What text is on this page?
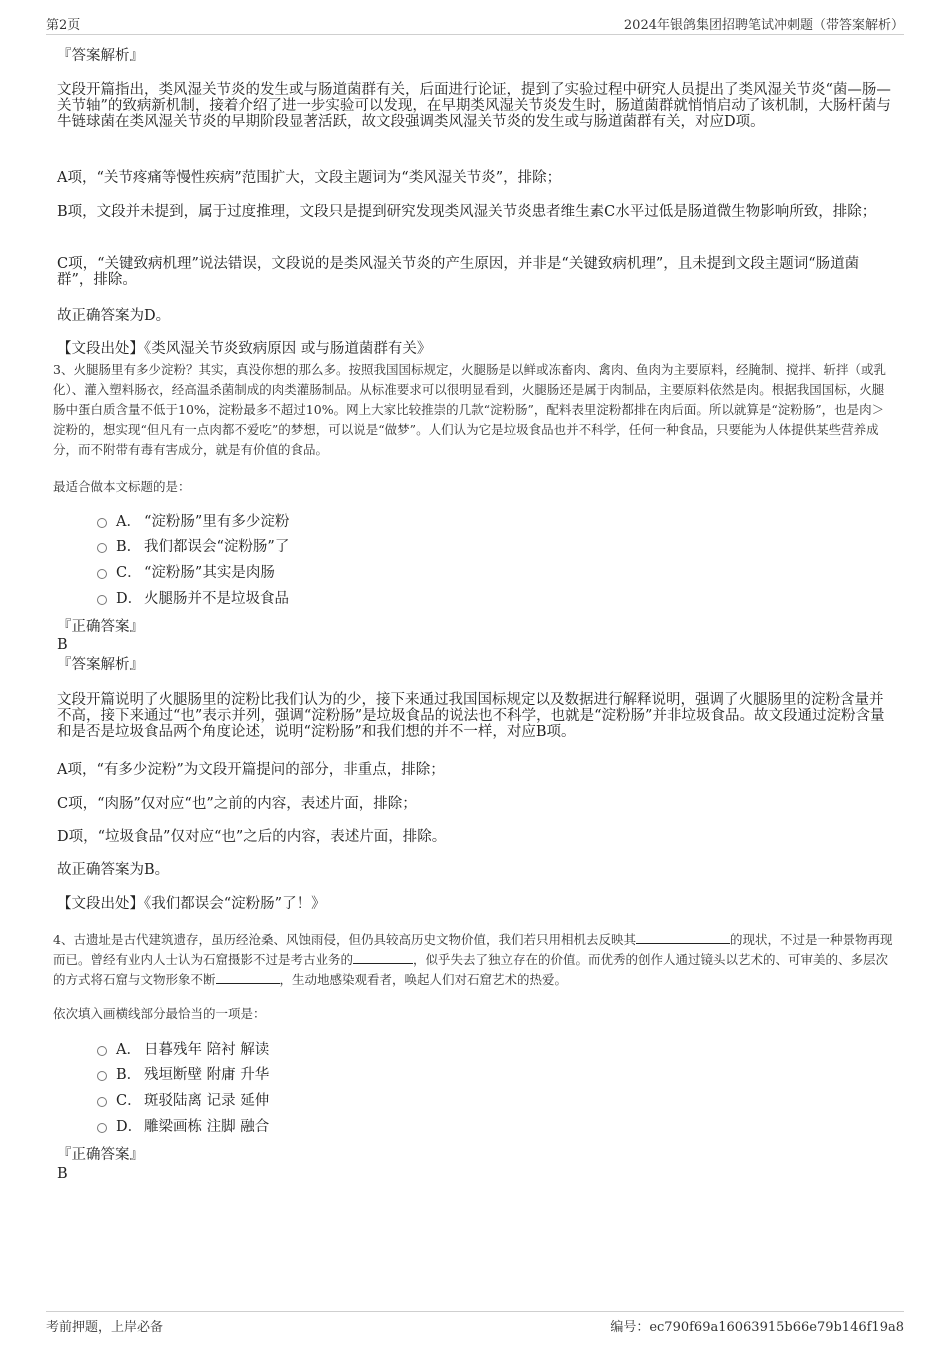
第2页	2024年银鸽集团招聘笔试冲刺题（带答案解析）
『答案解析』
文段开篇指出，类风湿关节炎的发生或与肠道菌群有关，后面进行论证，提到了实验过程中研究人员提出了类风湿关节炎“菌—肠—关节轴”的致病新机制，接着介绍了进一步实验可以发现，在早期类风湿关节炎发生时，肠道菌群就悄悄启动了该机制，大肠杆菌与牛链球菌在类风湿关节炎的早期阶段显著活跃，故文段强调类风湿关节炎的发生或与肠道菌群有关，对应D项。
A项，“关节疼痛等慢性疾病”范围扩大，文段主题词为“类风湿关节炎”，排除；
B项，文段并未提到，属于过度推理，文段只是提到研究发现类风湿关节炎患者维生素C水平过低是肠道微生物影响所致，排除；
C项，“关键致病机理”说法错误，文段说的是类风湿关节炎的产生原因，并非是“关键致病机理”，且未提到文段主题词“肠道菌群”，排除。
故正确答案为D。
【文段出处】《类风湿关节炎致病原因 或与肠道菌群有关》
3、火腿肠里有多少淀粉？其实，真没你想的那么多。按照我国国标规定，火腿肠是以鲜或冻畜肉、禽肉、鱼肉为主要原料，经腌制、搅拌、斩拌（或乳化）、灌入塑料肠衣，经高温杀菌制成的肉类灌肠制品。从标准要求可以很明显看到，火腿肠还是属于肉制品，主要原料依然是肉。根据我国国标，火腿肠中蛋白质含量不低于10%，淀粉最多不超过10%。网上大家比较推崇的几款“淀粉肠”，配料表里淀粉都排在肉后面。所以就算是“淀粉肠”，也是肉＞淀粉的，想实现“但凡有一点肉都不爱吃”的梦想，可以说是“做梦”。人们认为它是垃圾食品也并不科学，任何一种食品，只要能为人体提供某些营养成分，而不附带有毒有害成分，就是有价值的食品。
最适合做本文标题的是：
A． “淀粉肠”里有多少淀粉
B． 我们都误会“淀粉肠”了
C． “淀粉肠”其实是肉肠
D． 火腿肠并不是垃圾食品
『正确答案』
B
『答案解析』
文段开篇说明了火腿肠里的淀粉比我们认为的少，接下来通过我国国标规定以及数据进行解释说明，强调了火腿肠里的淀粉含量并不高，接下来通过“也”表示并列，强调“淀粉肠”是垃圾食品的说法也不科学，也就是“淀粉肠”并非垃圾食品。故文段通过淀粉含量和是否是垃圾食品两个角度论述，说明“淀粉肠”和我们想的并不一样，对应B项。
A项，“有多少淀粉”为文段开篇提问的部分，非重点，排除；
C项，“肉肠”仅对应“也”之前的内容，表述片面，排除；
D项，“垃圾食品”仅对应“也”之后的内容，表述片面，排除。
故正确答案为B。
【文段出处】《我们都误会“淀粉肠”了！》
4、古遗址是古代建筑遗存，虽历经沧桑、风蚀雨侵，但仍具较高历史文物价值，我们若只用相机去反映其	的现状，不过是一种景物再现而已。曾经有业内人士认为石窟摄影不过是考古业务的	，似乎失去了独立存在的价值。而优秀的创作人通过镜头以艺术的、可审美的、多层次的方式将石窟与文物形象不断	，生动地感染观看者，唤起人们对石窟艺术的热爱。
依次填入画横线部分最恰当的一项是：
A． 日暮残年 陪衬 解读
B． 残垣断壁 附庸 升华
C． 斑驳陆离 记录 延伸
D． 雕梁画栋 注脚 融合
『正确答案』
B
考前押题，上岸必备	编号：ec790f69a16063915b66e79b146f19a8
